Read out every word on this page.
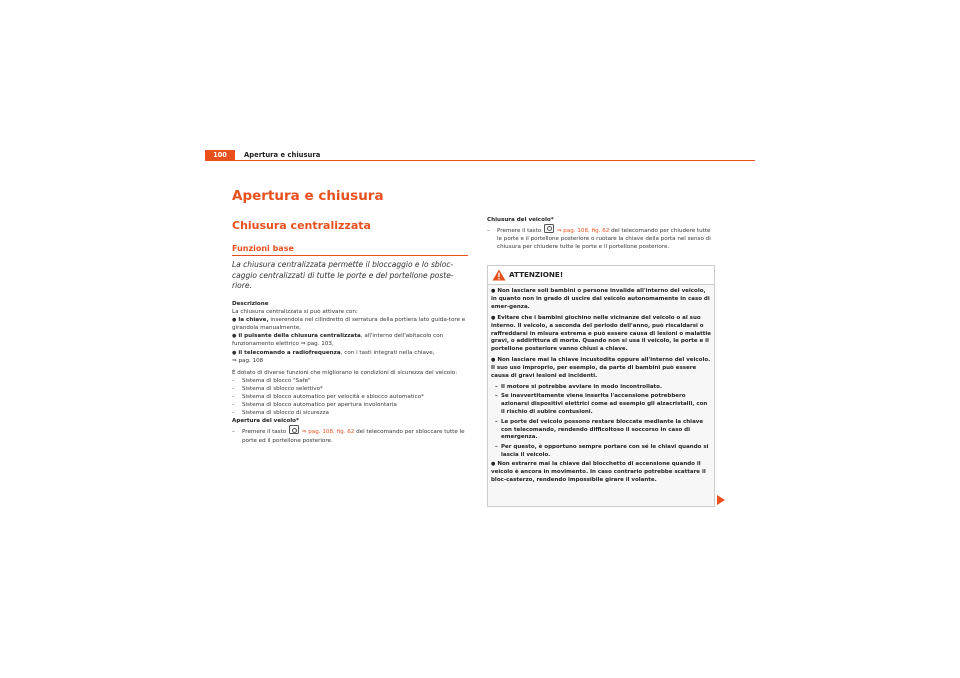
100	Apertura e chiusura
Apertura e chiusura
Chiusura centralizzata
Funzioni base

La chiusura centralizzata permette il bloccaggio e lo sbloc-caggio centralizzati di tutte le porte e del portellone poste-riore.

Descrizione

La chiusura centralizzata si può attivare con:

● la chiave, inserendola nel cilindretto di serratura della portiera lato guida-tore e girandola manualmente,

● il pulsante della chiusura centralizzata, all'interno dell'abitacolo con funzionamento elettrico ⇒ pag. 103,

● il telecomando a radiofrequenza, con i tasti integrati nella chiave,
⇒ pag. 108

È dotato di diverse funzioni che migliorano le condizioni di sicurezza del veicolo:

– Sistema di blocco "Safe"

– Sistema di sblocco selettivo*

– Sistema di blocco automatico per velocità e sblocco automatico*

– Sistema di blocco automatico per apertura involontaria

– Sistema di sblocco di sicurezza

Apertura del veicolo*

– Premere il tasto	⇒ pag. 108, fig. 62 del telecomando per sbloccare tutte le porte ed il portellone posteriore.

Chiusura del veicolo*

– Premere il tasto	⇒ pag. 108, fig. 62 del telecomando per chiudere tutte le porte e il portellone posteriore o ruotare la chiave della porta nel senso di chiusura per chiudere tutte le porte e il portellone posteriore.

ATTENZIONE!

● Non lasciare soli bambini o persone invalide all'interno del veicolo, in quanto non in grado di uscire dal veicolo autonomamente in caso di emer-genza.

● Evitare che i bambini giochino nelle vicinanze del veicolo o al suo interno. Il veicolo, a seconda del periodo dell'anno, può riscaldarsi o raffreddarsi in misura estrema e può essere causa di lesioni o malattie gravi, o addirittura di morte. Quando non si usa il veicolo, le porte e il portellone posteriore vanno chiusi a chiave.

● Non lasciare mai la chiave incustodita oppure all'interno del veicolo. Il suo uso improprio, per esempio, da parte di bambini può essere causa di gravi lesioni ed incidenti.

– Il motore si potrebbe avviare in modo incontrollato.

– Se inavvertitamente viene inserita l'accensione potrebbero azionarsi dispositivi elettrici come ad esempio gli alzacristalli, con il rischio di subire contusioni.

– Le porte del veicolo possono restare bloccate mediante la chiave con telecomando, rendendo difficoltoso il soccorso in caso di emergenza.

– Per questo, è opportuno sempre portare con sé le chiavi quando si lascia il veicolo.

● Non estrarre mai la chiave dal blocchetto di accensione quando il veicolo è ancora in movimento. In caso contrario potrebbe scattare il bloc-casterzo, rendendo impossibile girare il volante.
